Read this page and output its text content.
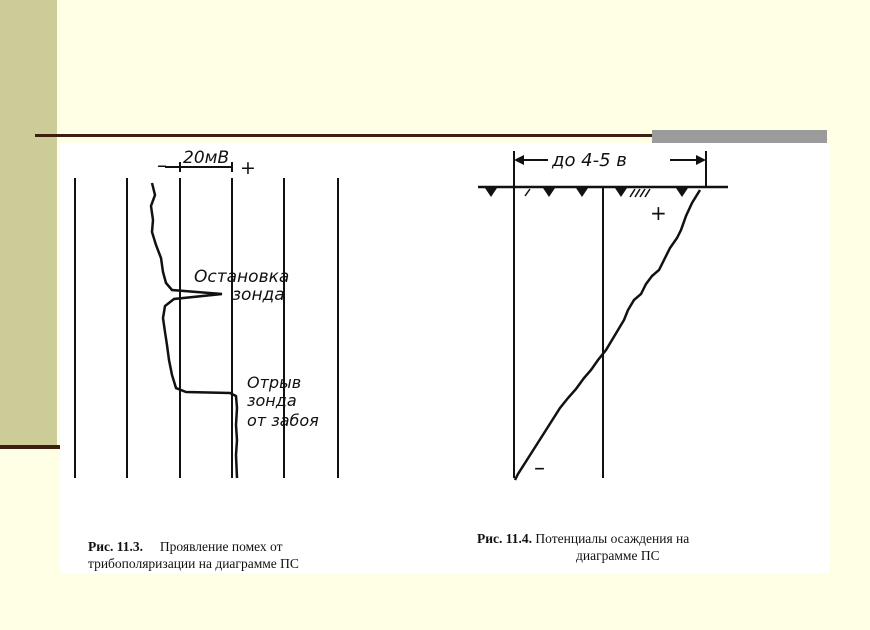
– 20мВ +
Остановка
зонда
Отрыв
зонда
от забоя
до 4-5 в
+
–
Рис. 11.3. Проявление помех от
трибополяризации на диаграмме ПС
Рис. 11.4. Потенциалы осаждения на
диаграмме ПС
